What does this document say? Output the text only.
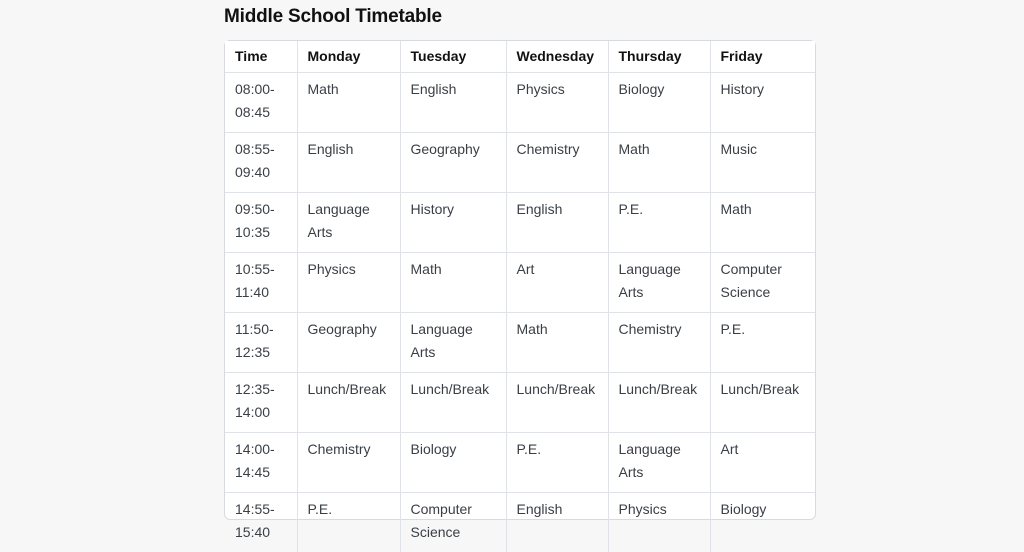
Middle School Timetable
Time	Monday	Tuesday	Wednesday	Thursday	Friday
08:00-08:45	Math	English	Physics	Biology	History
08:55-09:40	English	Geography	Chemistry	Math	Music
09:50-10:35	Language Arts	History	English	P.E.	Math
10:55-11:40	Physics	Math	Art	Language Arts	Computer Science
11:50-12:35	Geography	Language Arts	Math	Chemistry	P.E.
12:35-14:00	Lunch/Break	Lunch/Break	Lunch/Break	Lunch/Break	Lunch/Break
14:00-14:45	Chemistry	Biology	P.E.	Language Arts	Art
14:55-15:40	P.E.	Computer Science	English	Physics	Biology
